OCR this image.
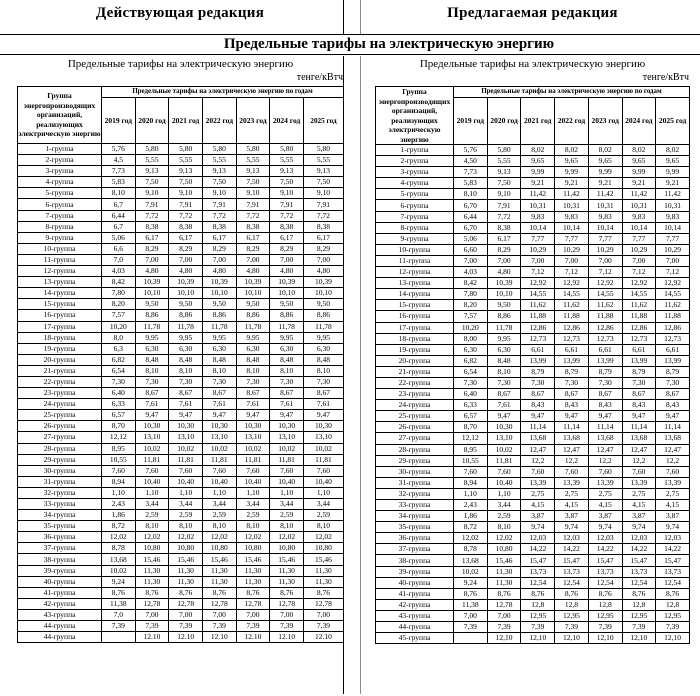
Действующая редакция	Предлагаемая редакция
Предельные тарифы на электрическую энергию
Предельные тарифы на электрическую энергию
тенге/кВтч
Группа энергопроизводящих организаций, реализующих электрическую энергию	Предельные тарифы на электрическую энергию по годам						
	2019 год	2020 год	2021 год	2022 год	2023 год	2024 год	2025 год
1-группа	5,76	5,80	5,80	5,80	5,80	5,80	5,80
2-группа	4,5	5,55	5,55	5,55	5,55	5,55	5,55
3-группа	7,73	9,13	9,13	9,13	9,13	9,13	9,13
4-группа	5,83	7,50	7,50	7,50	7,50	7,50	7,50
5-группа	8,10	9,10	9,10	9,10	9,10	9,10	9,10
6-группа	6,7	7,91	7,91	7,91	7,91	7,91	7,91
7-группа	6,44	7,72	7,72	7,72	7,72	7,72	7,72
8-группа	6,7	8,38	8,38	8,38	8,38	8,38	8,38
9-группа	5,06	6,17	6,17	6,17	6,17	6,17	6,17
10-группа	6,6	8,29	8,29	8,29	8,29	8,29	8,29
11-группа	7,0	7,00	7,00	7,00	7,00	7,00	7,00
12-группа	4,03	4,80	4,80	4,80	4,80	4,80	4,80
13-группа	8,42	10,39	10,39	10,39	10,39	10,39	10,39
14-группа	7,80	10,10	10,10	10,10	10,10	10,10	10,10
15-группа	8,20	9,50	9,50	9,50	9,50	9,50	9,50
16-группа	7,57	8,86	8,86	8,86	8,86	8,86	8,86
17-группа	10,20	11,78	11,78	11,78	11,78	11,78	11,78
18-группа	8,0	9,95	9,95	9,95	9,95	9,95	9,95
19-группа	6,3	6,30	6,30	6,30	6,30	6,30	6,30
20-группа	6,82	8,48	8,48	8,48	8,48	8,48	8,48
21-группа	6,54	8,10	8,10	8,10	8,10	8,10	8,10
22-группа	7,30	7,30	7,30	7,30	7,30	7,30	7,30
23-группа	6,40	8,67	8,67	8,67	8,67	8,67	8,67
24-группа	6,33	7,61	7,61	7,61	7,61	7,61	7,61
25-группа	6,57	9,47	9,47	9,47	9,47	9,47	9,47
26-группа	8,70	10,30	10,30	10,30	10,30	10,30	10,30
27-группа	12,12	13,10	13,10	13,10	13,10	13,10	13,10
28-группа	8,95	10,02	10,02	10,02	10,02	10,02	10,02
29-группа	10,55	11,81	11,81	11,81	11,81	11,81	11,81
30-группа	7,60	7,60	7,60	7,60	7,60	7,60	7,60
31-группа	8,94	10,40	10,40	10,40	10,40	10,40	10,40
32-группа	1,10	1,10	1,10	1,10	1,10	1,10	1,10
33-группа	2,43	3,44	3,44	3,44	3,44	3,44	3,44
34-группа	1,86	2,59	2,59	2,59	2,59	2,59	2,59
35-группа	8,72	8,10	8,10	8,10	8,10	8,10	8,10
36-группа	12,02	12,02	12,02	12,02	12,02	12,02	12,02
37-группа	8,78	10,80	10,80	10,80	10,80	10,80	10,80
38-группа	13,68	15,46	15,46	15,46	15,46	15,46	15,46
39-группа	10,02	11,30	11,30	11,30	11,30	11,30	11,30
40-группа	9,24	11,30	11,30	11,30	11,30	11,30	11,30
41-группа	8,76	8,76	8,76	8,76	8,76	8,76	8,76
42-группа	11,38	12,78	12,78	12,78	12,78	12,78	12,78
43-группа	7,0	7,00	7,00	7,00	7,00	7,00	7,00
44-группа	7,39	7,39	7,39	7,39	7,39	7,39	7,39
44-группа		12.10	12.10	12.10	12.10	12.10	12.10
Предельные тарифы на электрическую энергию
тенге/кВтч
Группа энергопроизводящих организаций, реализующих электрическую энергию	Предельные тарифы на электрическую энергию по годам						
	2019 год	2020 год	2021 год	2022 год	2023 год	2024 год	2025 год
1-группа	5,76	5,80	8,02	8,02	8,02	8,02	8,02
2-группа	4,50	5,55	9,65	9,65	9,65	9,65	9,65
3-группа	7,73	9,13	9,99	9,99	9,99	9,99	9,99
4-группа	5,83	7,50	9,21	9,21	9,21	9,21	9,21
5-группа	8,10	9,10	11,42	11,42	11,42	11,42	11,42
6-группа	6,70	7,91	10,31	10,31	10,31	10,31	10,31
7-группа	6,44	7,72	9,83	9,83	9,83	9,83	9,83
8-группа	6,70	8,38	10,14	10,14	10,14	10,14	10,14
9-группа	5,06	6,17	7,77	7,77	7,77	7,77	7,77
10-группа	6,60	8,29	10,29	10,29	10,29	10,29	10,29
11-группа	7,00	7,00	7,00	7,00	7,00	7,00	7,00
12-группа	4,03	4,80	7,12	7,12	7,12	7,12	7,12
13-группа	8,42	10,39	12,92	12,92	12,92	12,92	12,92
14-группа	7,80	10,10	14,55	14,55	14,55	14,55	14,55
15-группа	8,20	9,50	11,62	11,62	11,62	11,62	11,62
16-группа	7,57	8,86	11,88	11,88	11,88	11,88	11,88
17-группа	10,20	11,78	12,86	12,86	12,86	12,86	12,86
18-группа	8,00	9,95	12,73	12,73	12,73	12,73	12,73
19-группа	6,30	6,30	6,61	6,61	6,61	6,61	6,61
20-группа	6,82	8,48	13,99	13,99	13,99	13,99	13,99
21-группа	6,54	8,10	8,79	8,79	8,79	8,79	8,79
22-группа	7,30	7,30	7,30	7,30	7,30	7,30	7,30
23-группа	6,40	8,67	8,67	8,67	8,67	8,67	8,67
24-группа	6,33	7,61	8,43	8,43	8,43	8,43	8,43
25-группа	6,57	9,47	9,47	9,47	9,47	9,47	9,47
26-группа	8,70	10,30	11,14	11,14	11,14	11,14	11,14
27-группа	12,12	13,10	13,68	13,68	13,68	13,68	13,68
28-группа	8,95	10,02	12,47	12,47	12,47	12,47	12,47
29-группа	10,55	11,81	12,2	12,2	12,2	12,2	12,2
30-группа	7,60	7,60	7,60	7,60	7,60	7,60	7,60
31-группа	8,94	10,40	13,39	13,39	13,39	13,39	13,39
32-группа	1,10	1,10	2,75	2,75	2,75	2,75	2,75
33-группа	2,43	3,44	4,15	4,15	4,15	4,15	4,15
34-группа	1,86	2,59	3,87	3,87	3,87	3,87	3,87
35-группа	8,72	8,10	9,74	9,74	9,74	9,74	9,74
36-группа	12,02	12,02	12,03	12,03	12,03	12,03	12,03
37-группа	8,78	10,80	14,22	14,22	14,22	14,22	14,22
38-группа	13,68	15,46	15,47	15,47	15,47	15,47	15,47
39-группа	10,02	11,30	13,73	13,73	13,73	13,73	13,73
40-группа	9,24	11,30	12,54	12,54	12,54	12,54	12,54
41-группа	8,76	8,76	8,76	8,76	8,76	8,76	8,76
42-группа	11,38	12,78	12,8	12,8	12,8	12,8	12,8
43-группа	7,00	7,00	12,95	12,95	12,95	12,95	12,95
44-группа	7,39	7,39	7,39	7,39	7,39	7,39	7,39
45-группа		12,10	12,10	12,10	12,10	12,10	12,10
